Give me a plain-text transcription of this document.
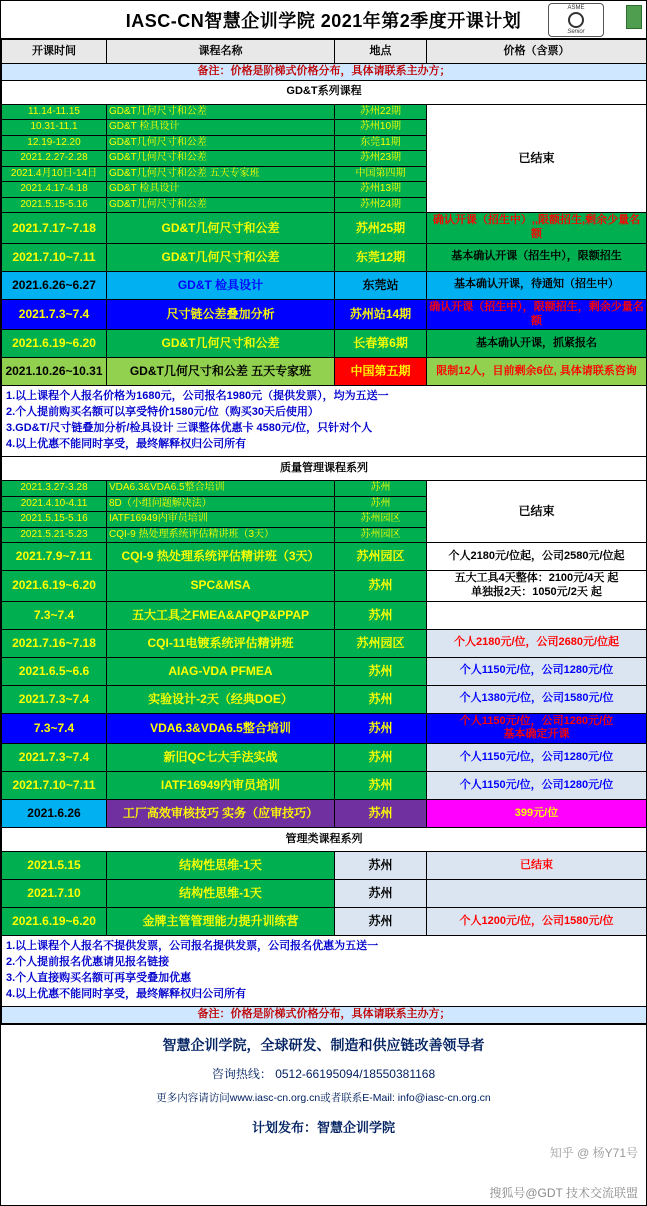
IASC-CN智慧企训学院 2021年第2季度开课计划
ASME
Senior
开课时间	课程名称	地点	价格（含票）
备注：价格是阶梯式价格分布，具体请联系主办方；			
GD&T系列课程			
11.14-11.15	GD&T几何尺寸和公差	苏州22期	已结束
10.31-11.1	GD&T 检具设计	苏州10期	
12.19-12.20	GD&T几何尺寸和公差	东莞11期	
2021.2.27-2.28	GD&T几何尺寸和公差	苏州23期	
2021.4月10日-14日	GD&T几何尺寸和公差 五天专家班	中国第四期	
2021.4.17-4.18	GD&T 检具设计	苏州13期	
2021.5.15-5.16	GD&T几何尺寸和公差	苏州24期	
2021.7.17~7.18	GD&T几何尺寸和公差	苏州25期	确认开课（招生中）,,限额招生,剩余少量名额
2021.7.10~7.11	GD&T几何尺寸和公差	东莞12期	基本确认开课（招生中），限额招生
2021.6.26~6.27	GD&T 检具设计	东莞站	基本确认开课，待通知（招生中）
2021.7.3~7.4	尺寸链公差叠加分析	苏州站14期	确认开课（招生中），限额招生，剩余少量名额
2021.6.19~6.20	GD&T几何尺寸和公差	长春第6期	基本确认开课，抓紧报名
2021.10.26~10.31	GD&T几何尺寸和公差 五天专家班	中国第五期	限制12人，目前剩余6位, 具体请联系咨询

1.以上课程个人报名价格为1680元，公司报名1980元（提供发票），均为五送一
2.个人提前购买名额可以享受特价1580元/位（购买30天后使用）
3.GD&T/尺寸链叠加分析/检具设计 三课整体优惠卡 4580元/位，只针对个人
4.以上优惠不能同时享受，最终解释权归公司所有			

质量管理课程系列			
2021.3.27-3.28	VDA6.3&VDA6.5整合培训	苏州	已结束
2021.4.10-4.11	8D（小组问题解决法）	苏州	
2021.5.15-5.16	IATF16949内审员培训	苏州园区	
2021.5.21-5.23	CQI-9 热处理系统评估精讲班（3天）	苏州园区	
2021.7.9~7.11	CQI-9 热处理系统评估精讲班（3天）	苏州园区	个人2180元/位起，公司2580元/位起
2021.6.19~6.20	SPC&MSA	苏州	五大工具4天整体：2100元/4天 起
单独报2天：1050元/2天 起
7.3~7.4	五大工具之FMEA&APQP&PPAP	苏州	
2021.7.16~7.18	CQI-11电镀系统评估精讲班	苏州园区	个人2180元/位，公司2680元/位起
2021.6.5~6.6	AIAG-VDA PFMEA	苏州	个人1150元/位，公司1280元/位
2021.7.3~7.4	实验设计-2天（经典DOE）	苏州	个人1380元/位，公司1580元/位
7.3~7.4	VDA6.3&VDA6.5整合培训	苏州	个人1150元/位，公司1280元/位
基本确定开课
2021.7.3~7.4	新旧QC七大手法实战	苏州	个人1150元/位，公司1280元/位
2021.7.10~7.11	IATF16949内审员培训	苏州	个人1150元/位，公司1280元/位
2021.6.26	工厂高效审核技巧 实务（应审技巧）	苏州	399元/位
管理类课程系列			
2021.5.15	结构性思维-1天	苏州	已结束
2021.7.10	结构性思维-1天	苏州	
2021.6.19~6.20	金牌主管管理能力提升训练营	苏州	个人1200元/位，公司1580元/位

1.以上课程个人报名不提供发票，公司报名提供发票，公司报名优惠为五送一
2.个人提前报名优惠请见报名链接
3.个人直接购买名额可再享受叠加优惠
4.以上优惠不能同时享受，最终解释权归公司所有			

备注：价格是阶梯式价格分布，具体请联系主办方；			
智慧企训学院，全球研发、制造和供应链改善领导者
咨询热线： 0512-66195094/18550381168
更多内容请访问www.iasc-cn.org.cn或者联系E-Mail: info@iasc-cn.org.cn
计划发布：智慧企训学院
知乎 @ 杨Y71号
搜狐号@GDT 技术交流联盟
